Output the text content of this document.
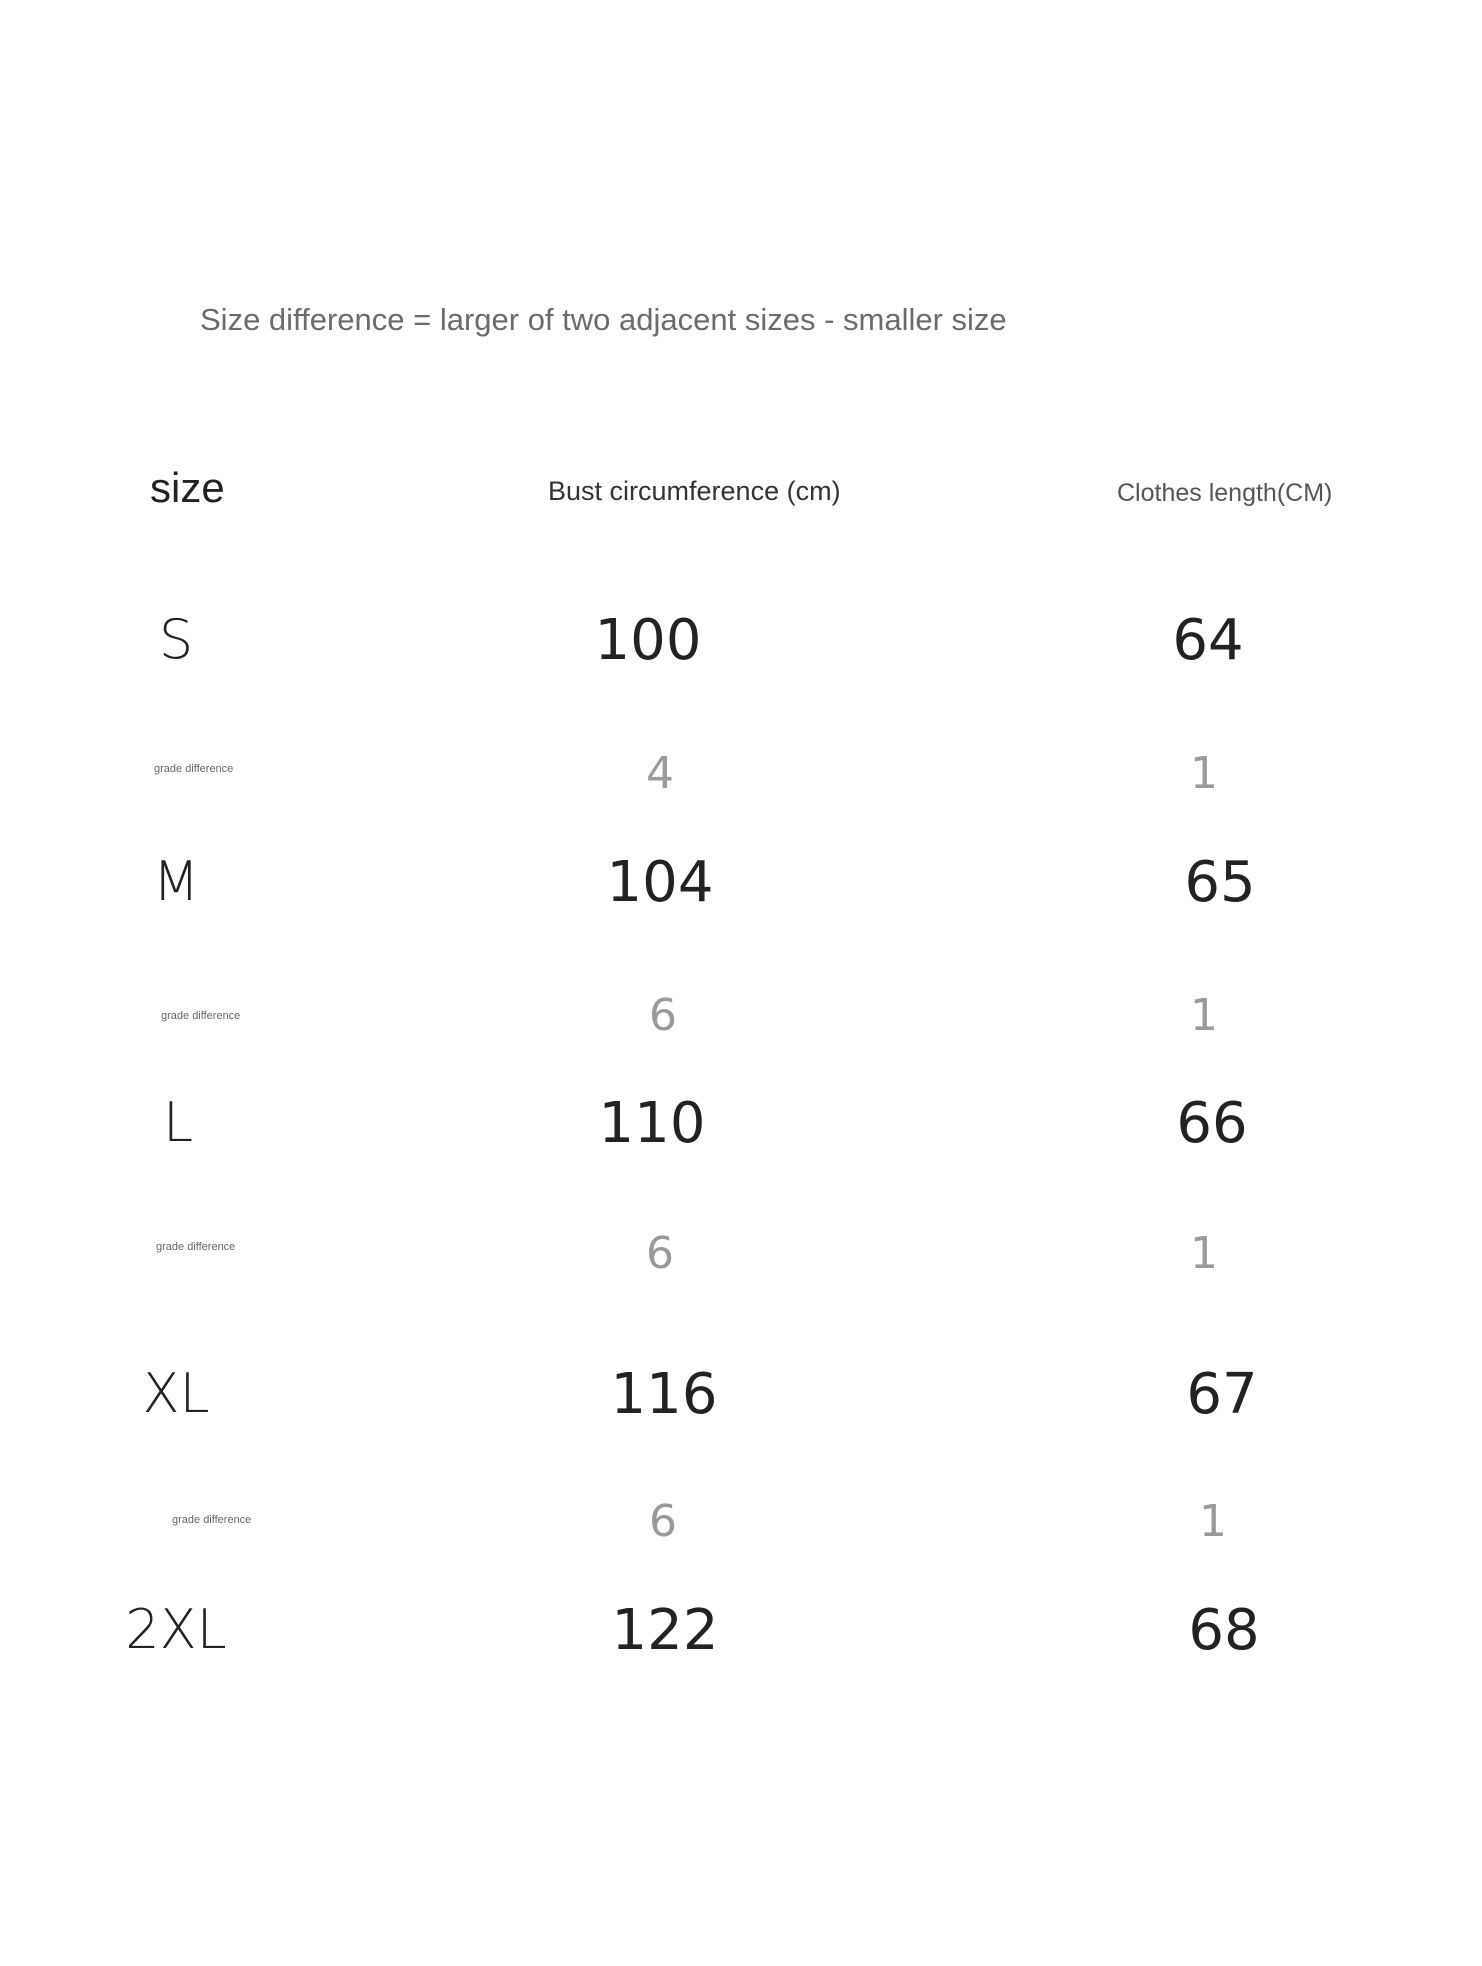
Size difference = larger of two adjacent sizes - smaller size
size	Bust circumference (cm)	Clothes length(CM)
S	100	64
grade difference	4	1
M	104	65
grade difference	6	1
L	110	66
grade difference	6	1
XL	116	67
grade difference	6	1
2XL	122	68
